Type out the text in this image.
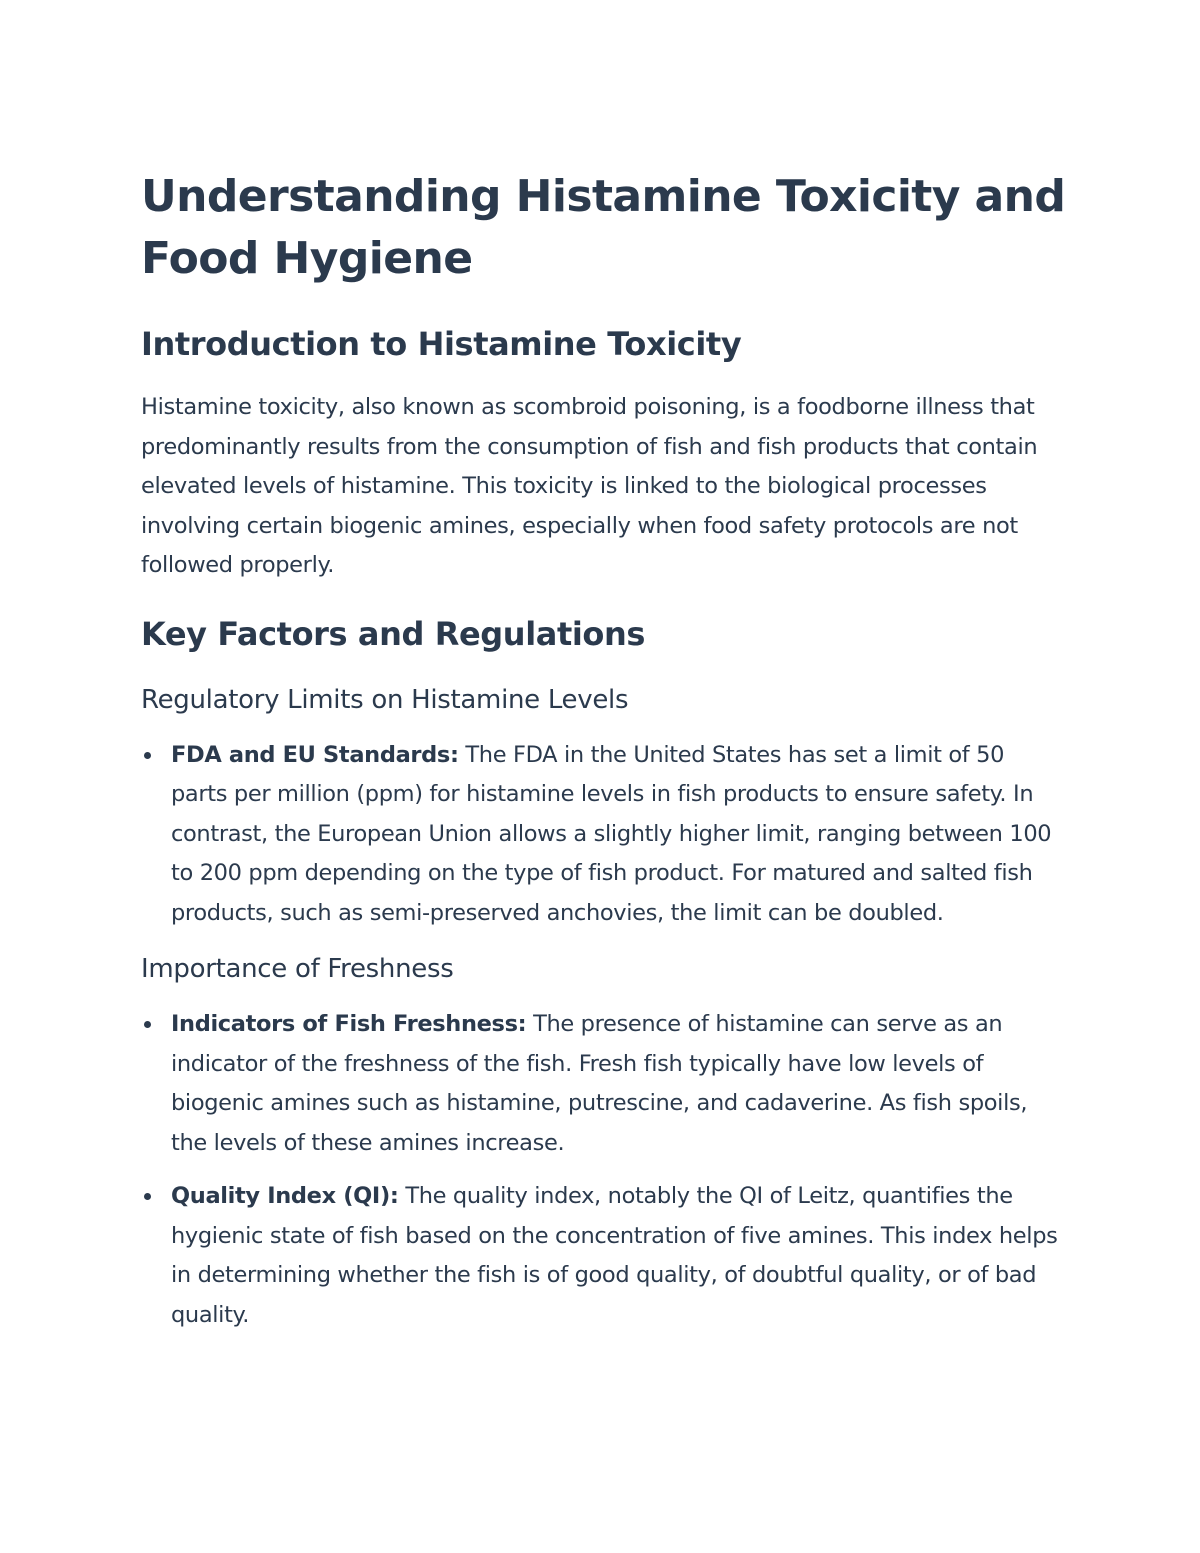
Understanding Histamine Toxicity and Food Hygiene
Introduction to Histamine Toxicity

Histamine toxicity, also known as scombroid poisoning, is a foodborne illness that predominantly results from the consumption of fish and fish products that contain elevated levels of histamine. This toxicity is linked to the biological processes involving certain biogenic amines, especially when food safety protocols are not followed properly.

Key Factors and Regulations
Regulatory Limits on Histamine Levels
FDA and EU Standards: The FDA in the United States has set a limit of 50 parts per million (ppm) for histamine levels in fish products to ensure safety. In contrast, the European Union allows a slightly higher limit, ranging between 100 to 200 ppm depending on the type of fish product. For matured and salted fish products, such as semi-preserved anchovies, the limit can be doubled.
Importance of Freshness
Indicators of Fish Freshness: The presence of histamine can serve as an indicator of the freshness of the fish. Fresh fish typically have low levels of biogenic amines such as histamine, putrescine, and cadaverine. As fish spoils, the levels of these amines increase.
Quality Index (QI): The quality index, notably the QI of Leitz, quantifies the hygienic state of fish based on the concentration of five amines. This index helps in determining whether the fish is of good quality, of doubtful quality, or of bad quality.
